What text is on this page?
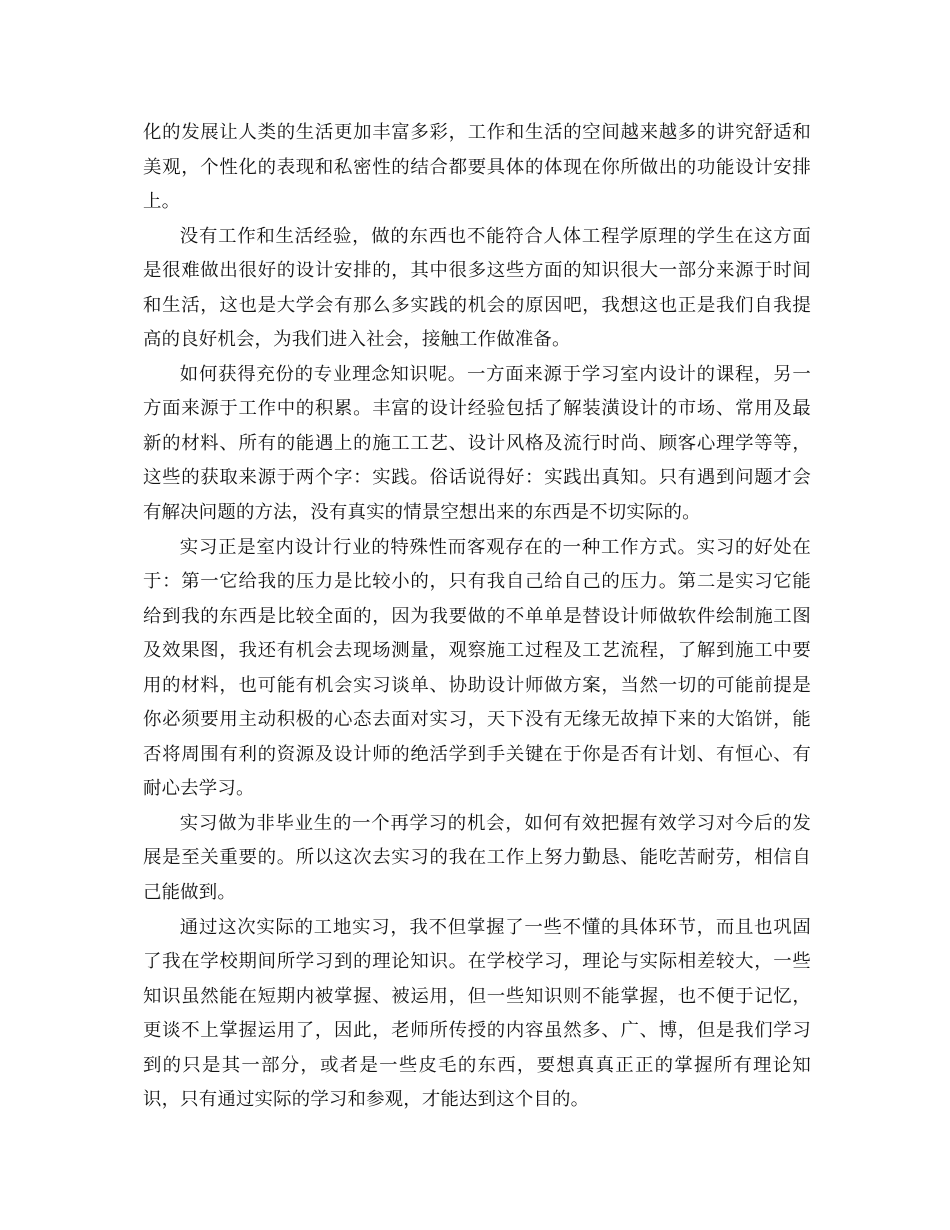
化的发展让人类的生活更加丰富多彩，工作和生活的空间越来越多的讲究舒适和美观，个性化的表现和私密性的结合都要具体的体现在你所做出的功能设计安排上。

没有工作和生活经验，做的东西也不能符合人体工程学原理的学生在这方面是很难做出很好的设计安排的，其中很多这些方面的知识很大一部分来源于时间和生活，这也是大学会有那么多实践的机会的原因吧，我想这也正是我们自我提高的良好机会，为我们进入社会，接触工作做准备。

如何获得充份的专业理念知识呢。一方面来源于学习室内设计的课程，另一方面来源于工作中的积累。丰富的设计经验包括了解装潢设计的市场、常用及最新的材料、所有的能遇上的施工工艺、设计风格及流行时尚、顾客心理学等等，这些的获取来源于两个字：实践。俗话说得好：实践出真知。只有遇到问题才会有解决问题的方法，没有真实的情景空想出来的东西是不切实际的。

实习正是室内设计行业的特殊性而客观存在的一种工作方式。实习的好处在于：第一它给我的压力是比较小的，只有我自己给自己的压力。第二是实习它能给到我的东西是比较全面的，因为我要做的不单单是替设计师做软件绘制施工图及效果图，我还有机会去现场测量，观察施工过程及工艺流程，了解到施工中要用的材料，也可能有机会实习谈单、协助设计师做方案，当然一切的可能前提是你必须要用主动积极的心态去面对实习，天下没有无缘无故掉下来的大馅饼，能否将周围有利的资源及设计师的绝活学到手关键在于你是否有计划、有恒心、有耐心去学习。

实习做为非毕业生的一个再学习的机会，如何有效把握有效学习对今后的发展是至关重要的。所以这次去实习的我在工作上努力勤恳、能吃苦耐劳，相信自己能做到。

通过这次实际的工地实习，我不但掌握了一些不懂的具体环节，而且也巩固了我在学校期间所学习到的理论知识。在学校学习，理论与实际相差较大，一些知识虽然能在短期内被掌握、被运用，但一些知识则不能掌握，也不便于记忆，更谈不上掌握运用了，因此，老师所传授的内容虽然多、广、博，但是我们学习到的只是其一部分，或者是一些皮毛的东西，要想真真正正的掌握所有理论知识，只有通过实际的学习和参观，才能达到这个目的。
